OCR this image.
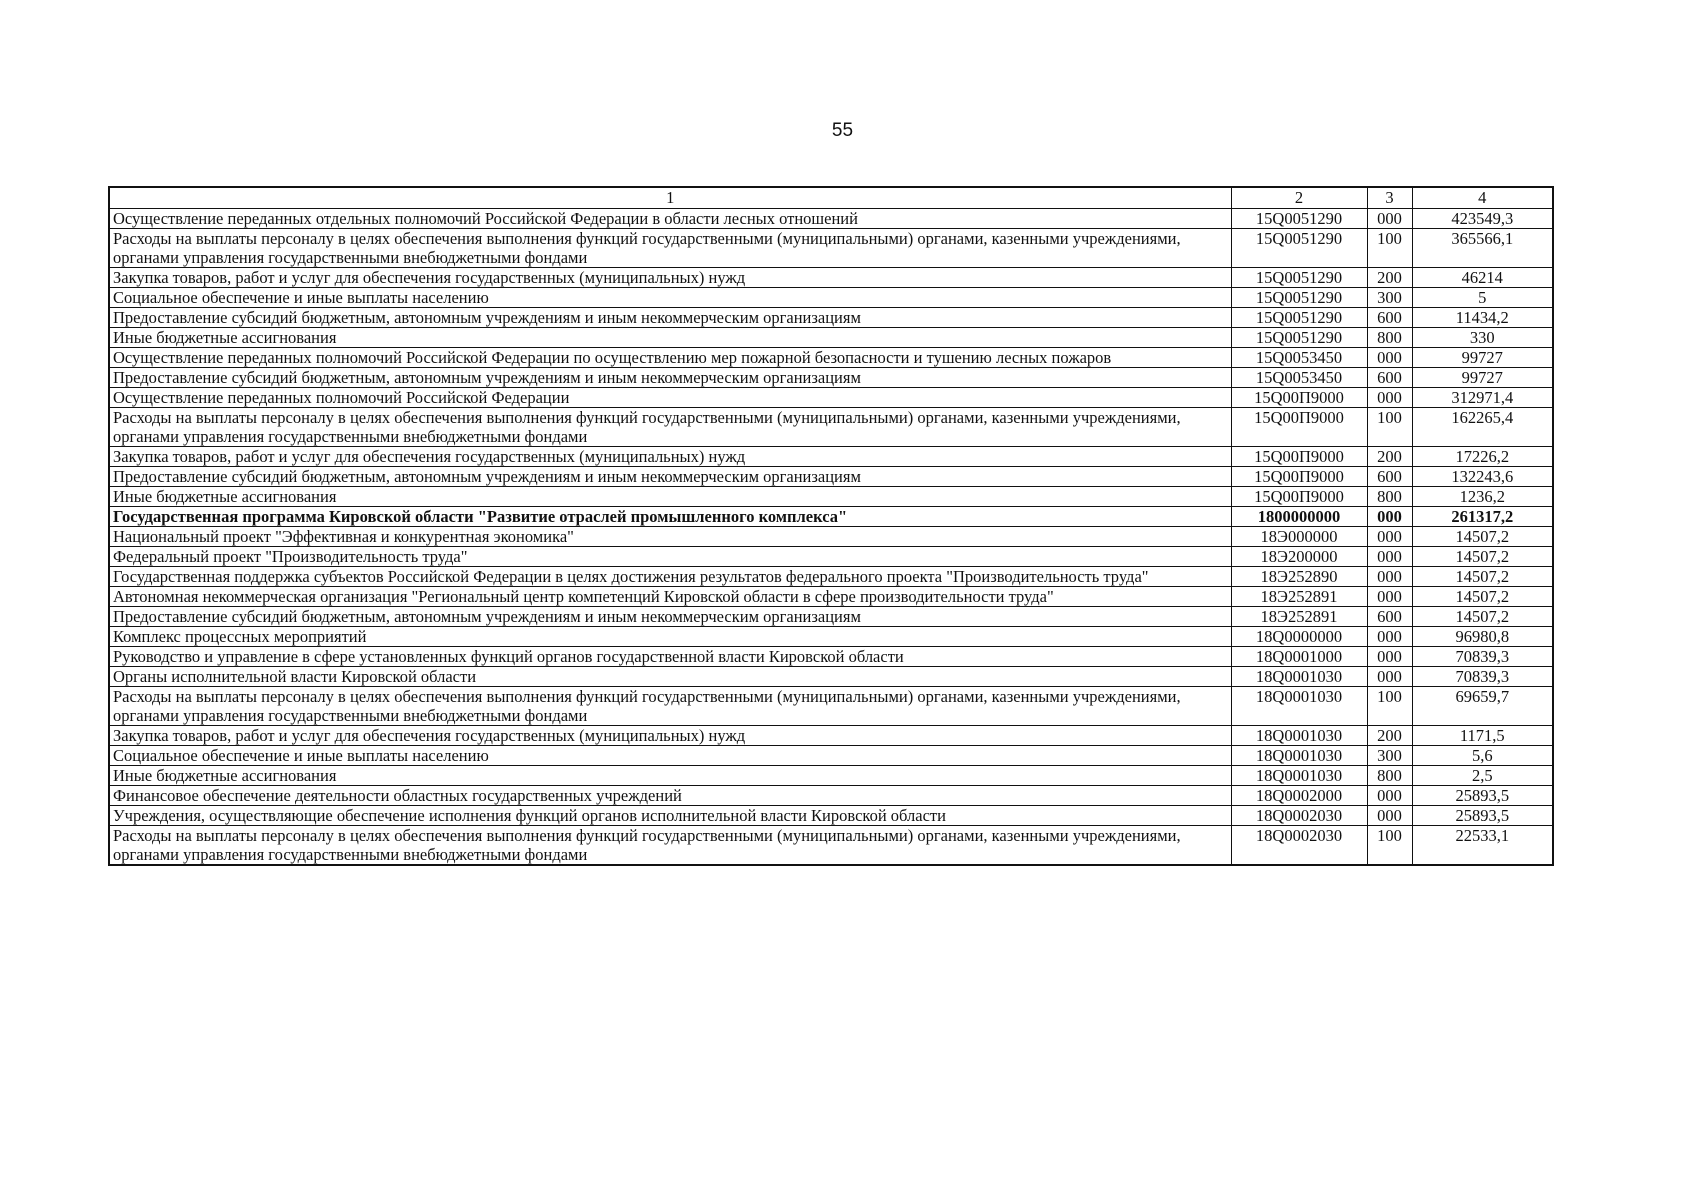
55
1	2	3	4
Осуществление переданных отдельных полномочий Российской Федерации в области лесных отношений	15Q0051290	000	423549,3
Расходы на выплаты персоналу в целях обеспечения выполнения функций государственными (муниципальными) органами, казенными учреждениями, органами управления государственными внебюджетными фондами	15Q0051290	100	365566,1
Закупка товаров, работ и услуг для обеспечения государственных (муниципальных) нужд	15Q0051290	200	46214
Социальное обеспечение и иные выплаты населению	15Q0051290	300	5
Предоставление субсидий бюджетным, автономным учреждениям и иным некоммерческим организациям	15Q0051290	600	11434,2
Иные бюджетные ассигнования	15Q0051290	800	330
Осуществление переданных полномочий Российской Федерации по осуществлению мер пожарной безопасности и тушению лесных пожаров	15Q0053450	000	99727
Предоставление субсидий бюджетным, автономным учреждениям и иным некоммерческим организациям	15Q0053450	600	99727
Осуществление переданных полномочий Российской Федерации	15Q00П9000	000	312971,4
Расходы на выплаты персоналу в целях обеспечения выполнения функций государственными (муниципальными) органами, казенными учреждениями, органами управления государственными внебюджетными фондами	15Q00П9000	100	162265,4
Закупка товаров, работ и услуг для обеспечения государственных (муниципальных) нужд	15Q00П9000	200	17226,2
Предоставление субсидий бюджетным, автономным учреждениям и иным некоммерческим организациям	15Q00П9000	600	132243,6
Иные бюджетные ассигнования	15Q00П9000	800	1236,2
Государственная программа Кировской области "Развитие отраслей промышленного комплекса"	1800000000	000	261317,2
Национальный проект "Эффективная и конкурентная экономика"	18Э000000	000	14507,2
Федеральный проект "Производительность труда"	18Э200000	000	14507,2
Государственная поддержка субъектов Российской Федерации в целях достижения результатов федерального проекта "Производительность труда"	18Э252890	000	14507,2
Автономная некоммерческая организация "Региональный центр компетенций Кировской области в сфере производительности труда"	18Э252891	000	14507,2
Предоставление субсидий бюджетным, автономным учреждениям и иным некоммерческим организациям	18Э252891	600	14507,2
Комплекс процессных мероприятий	18Q0000000	000	96980,8
Руководство и управление в сфере установленных функций органов государственной власти Кировской области	18Q0001000	000	70839,3
Органы исполнительной власти Кировской области	18Q0001030	000	70839,3
Расходы на выплаты персоналу в целях обеспечения выполнения функций государственными (муниципальными) органами, казенными учреждениями, органами управления государственными внебюджетными фондами	18Q0001030	100	69659,7
Закупка товаров, работ и услуг для обеспечения государственных (муниципальных) нужд	18Q0001030	200	1171,5
Социальное обеспечение и иные выплаты населению	18Q0001030	300	5,6
Иные бюджетные ассигнования	18Q0001030	800	2,5
Финансовое обеспечение деятельности областных государственных учреждений	18Q0002000	000	25893,5
Учреждения, осуществляющие обеспечение исполнения функций органов исполнительной власти Кировской области	18Q0002030	000	25893,5
Расходы на выплаты персоналу в целях обеспечения выполнения функций государственными (муниципальными) органами, казенными учреждениями, органами управления государственными внебюджетными фондами	18Q0002030	100	22533,1
